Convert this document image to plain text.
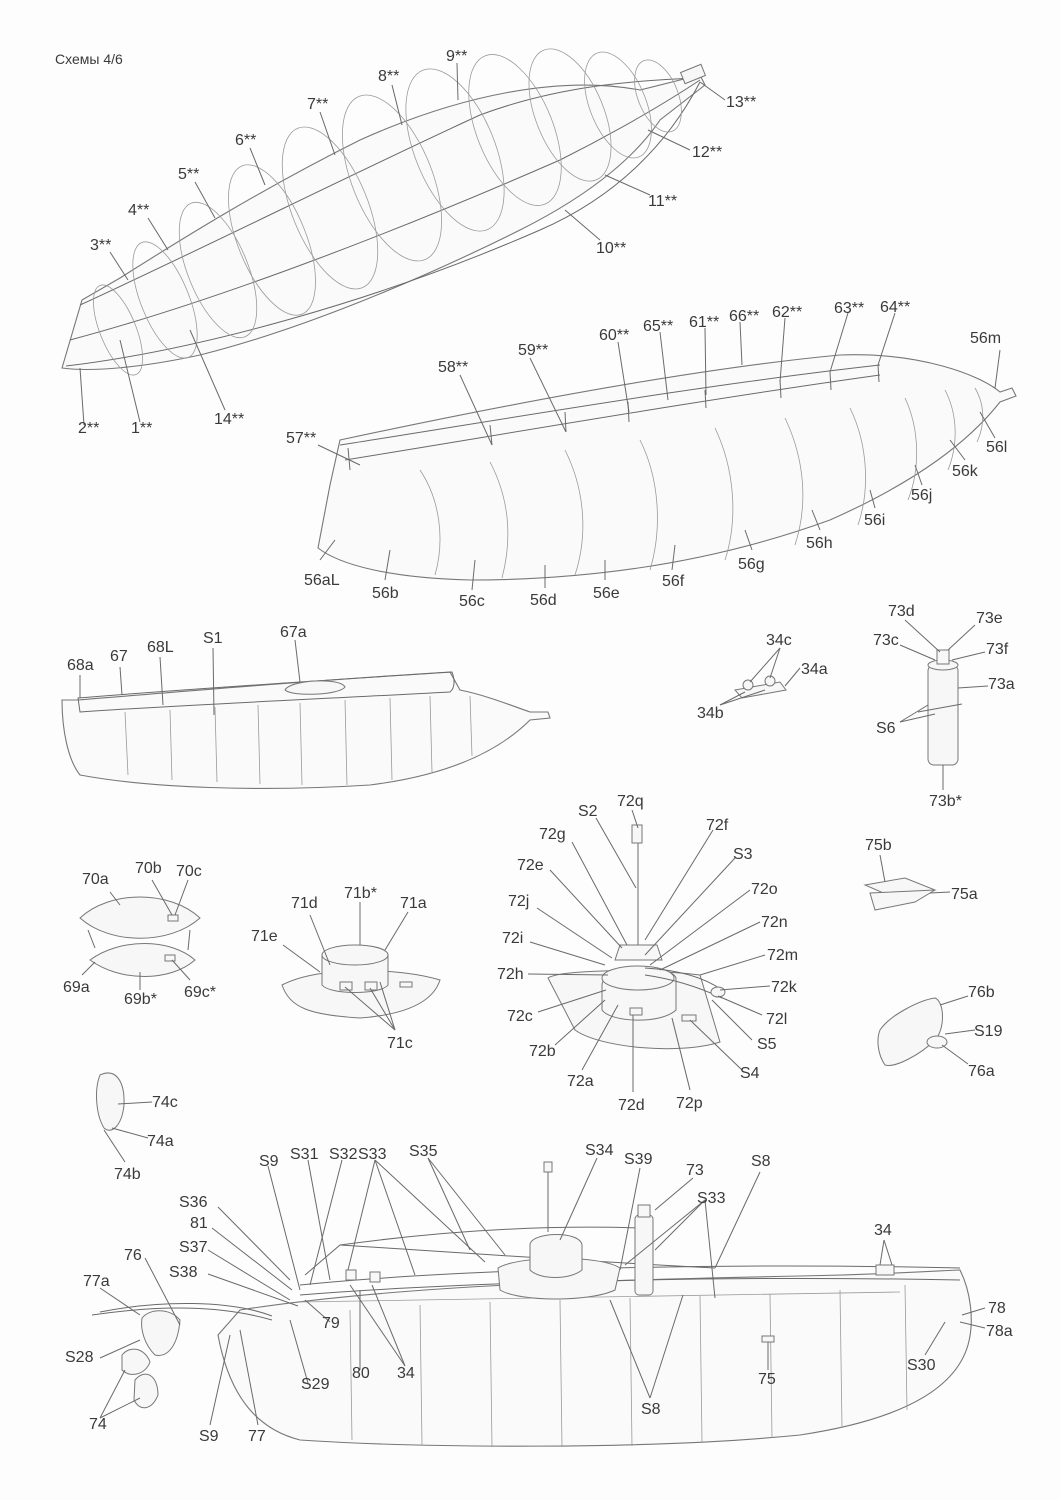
Схемы 4/6
1**
2**
3**
4**
5**
6**
7**
8**
9**
10**
11**
12**
13**
14**
56aL
56b	56c	56d 56e
56f
56g
56h
56i
56j
56k
56l
56m
57**
58**
59**
60**
61**
62** 63** 64**
65**
66**
68a
67
68L
S1	67a	34c
34a
34b
73d	73e
73c
73f
73a
S6
73b*
70a
70b 70c
69a
69b* 69c*
71d
71b*
71a
71e
71c
S2
72q
72g
72f
72e
S3
72o
72j
72n
72i
72m
72h
72k
72c	72l
S5
72b
S4
72a
72d 72p
75b
75a
76b
S19
76a
74c
74a
74b
S9 S31 S32 S33 S35	S34
S39
73
S8
S36
81
S33
34
76 S37
77a
S38
78
78a
79
S28
S29
80 34	75
S30
S8
74
S9 77
